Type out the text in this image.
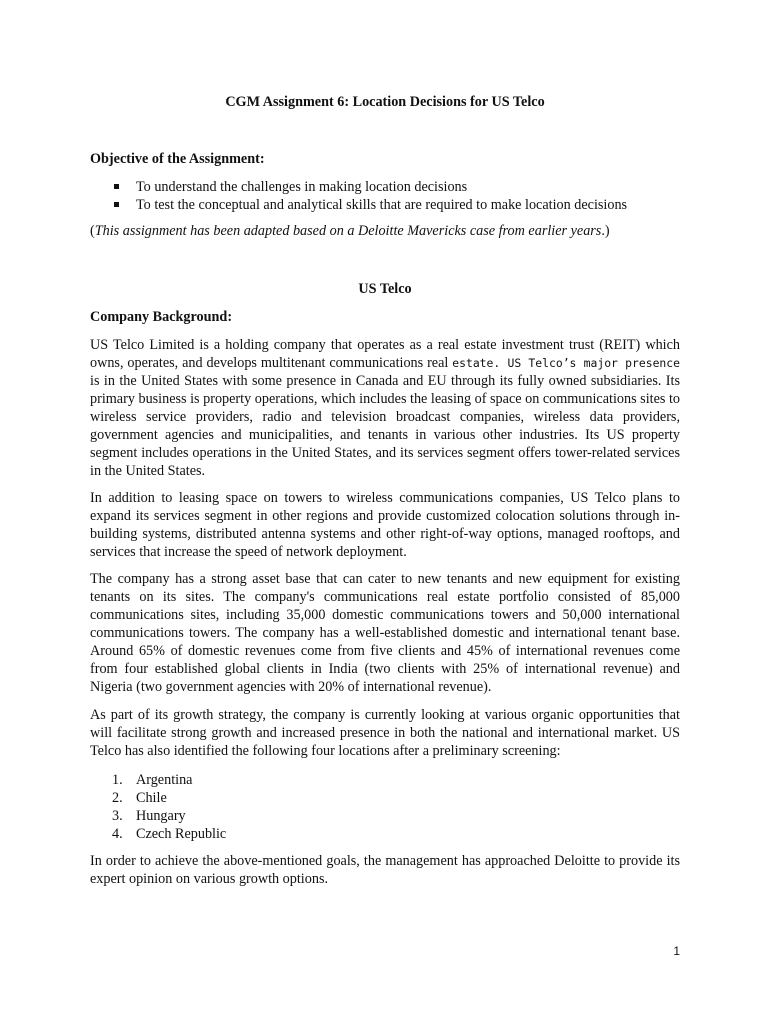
CGM Assignment 6: Location Decisions for US Telco

Objective of the Assignment:

To understand the challenges in making location decisions
To test the conceptual and analytical skills that are required to make location decisions

(This assignment has been adapted based on a Deloitte Mavericks case from earlier years.)

US Telco

Company Background:

US Telco Limited is a holding company that operates as a real estate investment trust (REIT) which owns, operates, and develops multitenant communications real estate. US Telco’s major presence is in the United States with some presence in Canada and EU through its fully owned subsidiaries. Its primary business is property operations, which includes the leasing of space on communications sites to wireless service providers, radio and television broadcast companies, wireless data providers, government agencies and municipalities, and tenants in various other industries. Its US property segment includes operations in the United States, and its services segment offers tower-related services in the United States.

In addition to leasing space on towers to wireless communications companies, US Telco plans to expand its services segment in other regions and provide customized colocation solutions through in-building systems, distributed antenna systems and other right-of-way options, managed rooftops, and services that increase the speed of network deployment.

The company has a strong asset base that can cater to new tenants and new equipment for existing tenants on its sites. The company's communications real estate portfolio consisted of 85,000 communications sites, including 35,000 domestic communications towers and 50,000 international communications towers. The company has a well-established domestic and international tenant base. Around 65% of domestic revenues come from five clients and 45% of international revenues come from four established global clients in India (two clients with 25% of international revenue) and Nigeria (two government agencies with 20% of international revenue).

As part of its growth strategy, the company is currently looking at various organic opportunities that will facilitate strong growth and increased presence in both the national and international market. US Telco has also identified the following four locations after a preliminary screening:

1. Argentina
2. Chile
3. Hungary
4. Czech Republic

In order to achieve the above-mentioned goals, the management has approached Deloitte to provide its expert opinion on various growth options.

1
